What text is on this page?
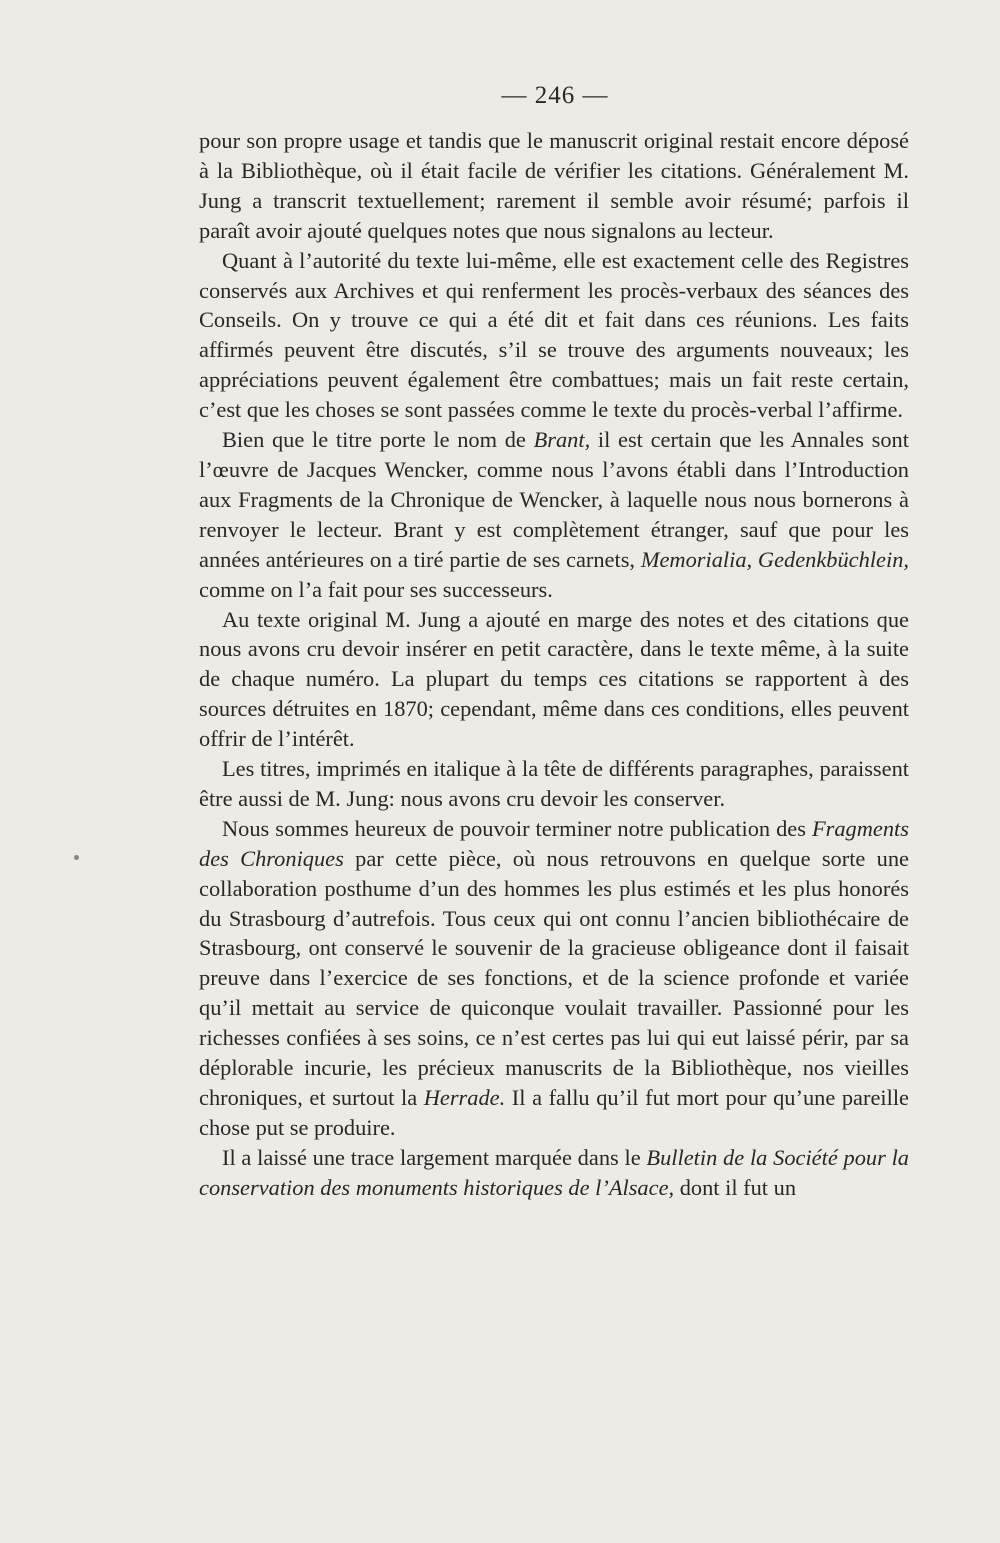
— 246 —

pour son propre usage et tandis que le manuscrit original restait encore déposé à la Bibliothèque, où il était facile de vérifier les citations. Généralement M. Jung a transcrit textuellement; rarement il semble avoir résumé; parfois il paraît avoir ajouté quelques notes que nous signalons au lecteur.

Quant à l’autorité du texte lui-même, elle est exactement celle des Registres conservés aux Archives et qui renferment les procès-verbaux des séances des Conseils. On y trouve ce qui a été dit et fait dans ces réunions. Les faits affirmés peuvent être discutés, s’il se trouve des arguments nouveaux; les appréciations peuvent également être combattues; mais un fait reste certain, c’est que les choses se sont passées comme le texte du procès-verbal l’affirme.

Bien que le titre porte le nom de Brant, il est certain que les Annales sont l’œuvre de Jacques Wencker, comme nous l’avons établi dans l’Introduction aux Fragments de la Chronique de Wencker, à laquelle nous nous bornerons à renvoyer le lecteur. Brant y est complètement étranger, sauf que pour les années antérieures on a tiré partie de ses carnets, Memorialia, Gedenkbüchlein, comme on l’a fait pour ses successeurs.

Au texte original M. Jung a ajouté en marge des notes et des citations que nous avons cru devoir insérer en petit caractère, dans le texte même, à la suite de chaque numéro. La plupart du temps ces citations se rapportent à des sources détruites en 1870; cependant, même dans ces conditions, elles peuvent offrir de l’intérêt.

Les titres, imprimés en italique à la tête de différents paragraphes, paraissent être aussi de M. Jung: nous avons cru devoir les conserver.

Nous sommes heureux de pouvoir terminer notre publication des Fragments des Chroniques par cette pièce, où nous retrouvons en quelque sorte une collaboration posthume d’un des hommes les plus estimés et les plus honorés du Strasbourg d’autrefois. Tous ceux qui ont connu l’ancien bibliothécaire de Strasbourg, ont conservé le souvenir de la gracieuse obligeance dont il faisait preuve dans l’exercice de ses fonctions, et de la science profonde et variée qu’il mettait au service de quiconque voulait travailler. Passionné pour les richesses confiées à ses soins, ce n’est certes pas lui qui eut laissé périr, par sa déplorable incurie, les précieux manuscrits de la Bibliothèque, nos vieilles chroniques, et surtout la Herrade. Il a fallu qu’il fut mort pour qu’une pareille chose put se produire.

Il a laissé une trace largement marquée dans le Bulletin de la Société pour la conservation des monuments historiques de l’Alsace, dont il fut un
